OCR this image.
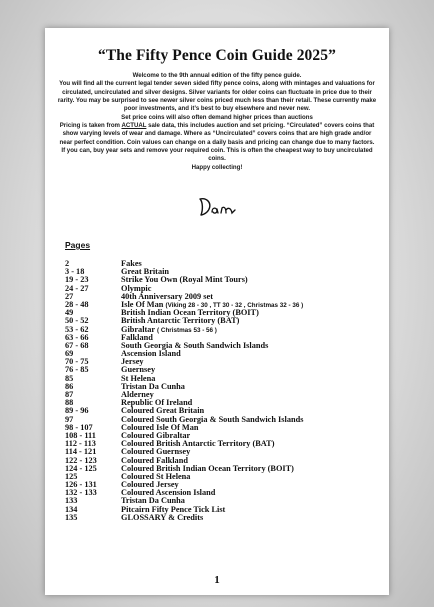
“The Fifty Pence Coin Guide 2025”

Welcome to the 9th annual edition of the fifty pence guide.

You will find all the current legal tender seven sided fifty pence coins, along with mintages and valuations for circulated, uncirculated and silver designs. Silver variants for older coins can fluctuate in price due to their rarity. You may be surprised to see newer silver coins priced much less than their retail. These currently make poor investments, and it’s best to buy elsewhere and never new.

Set price coins will also often demand higher prices than auctions

Pricing is taken from ACTUAL sale data, this includes auction and set pricing. “Circulated” covers coins that show varying levels of wear and damage. Where as “Uncirculated” covers coins that are high grade and/or near perfect condition. Coin values can change on a daily basis and pricing can change due to many factors. If you can, buy year sets and remove your required coin. This is often the cheapest way to buy uncirculated coins.

Happy collecting!

Pages
2	Fakes
3 - 18	Great Britain
19 - 23	Strike You Own (Royal Mint Tours)
24 - 27	Olympic
27	40th Anniversary 2009 set
28 - 48	Isle Of Man (Viking 28 - 30 , TT 30 - 32 , Christmas 32 - 36 )
49	British Indian Ocean Territory (BOIT)
50 - 52	British Antarctic Territory (BAT)
53 - 62	Gibraltar ( Christmas 53 - 56 )
63 - 66	Falkland
67 - 68	South Georgia & South Sandwich Islands
69	Ascension Island
70 - 75	Jersey
76 - 85	Guernsey
85	St Helena
86	Tristan Da Cunha
87	Alderney
88	Republic Of Ireland
89 - 96	Coloured Great Britain
97	Coloured South Georgia & South Sandwich Islands
98 - 107	Coloured Isle Of Man
108 - 111	Coloured Gibraltar
112 - 113	Coloured British Antarctic Territory (BAT)
114 - 121	Coloured Guernsey
122 - 123	Coloured Falkland
124 - 125	Coloured British Indian Ocean Territory (BOIT)
125	Coloured St Helena
126 - 131	Coloured Jersey
132 - 133	Coloured Ascension Island
133	Tristan Da Cunha
134	Pitcairn Fifty Pence Tick List
135	GLOSSARY & Credits
1
